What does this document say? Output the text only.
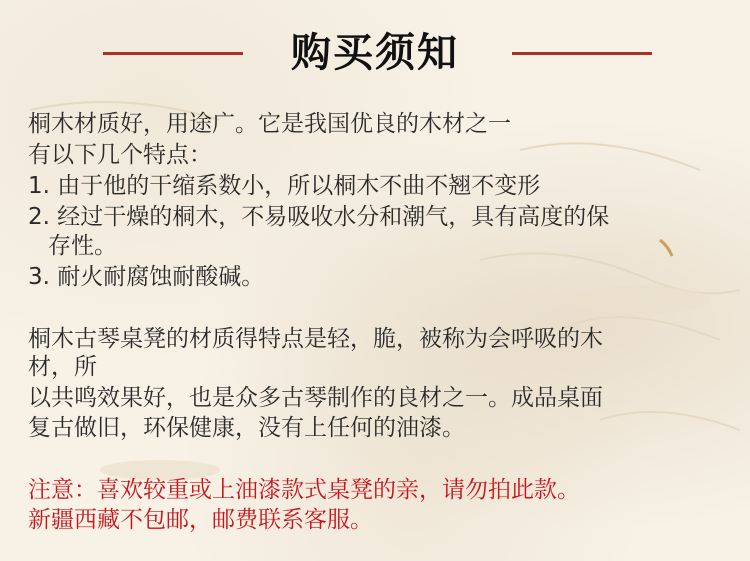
购买须知
桐木材质好，用途广。它是我国优良的木材之一
有以下几个特点：
1. 由于他的干缩系数小，所以桐木不曲不翘不变形
2. 经过干燥的桐木，不易吸收水分和潮气，具有高度的保
存性。
3. 耐火耐腐蚀耐酸碱。
桐木古琴桌凳的材质得特点是轻，脆，被称为会呼吸的木
材，所
以共鸣效果好，也是众多古琴制作的良材之一。成品桌面
复古做旧，环保健康，没有上任何的油漆。
注意：喜欢较重或上油漆款式桌凳的亲，请勿拍此款。
新疆西藏不包邮，邮费联系客服。
